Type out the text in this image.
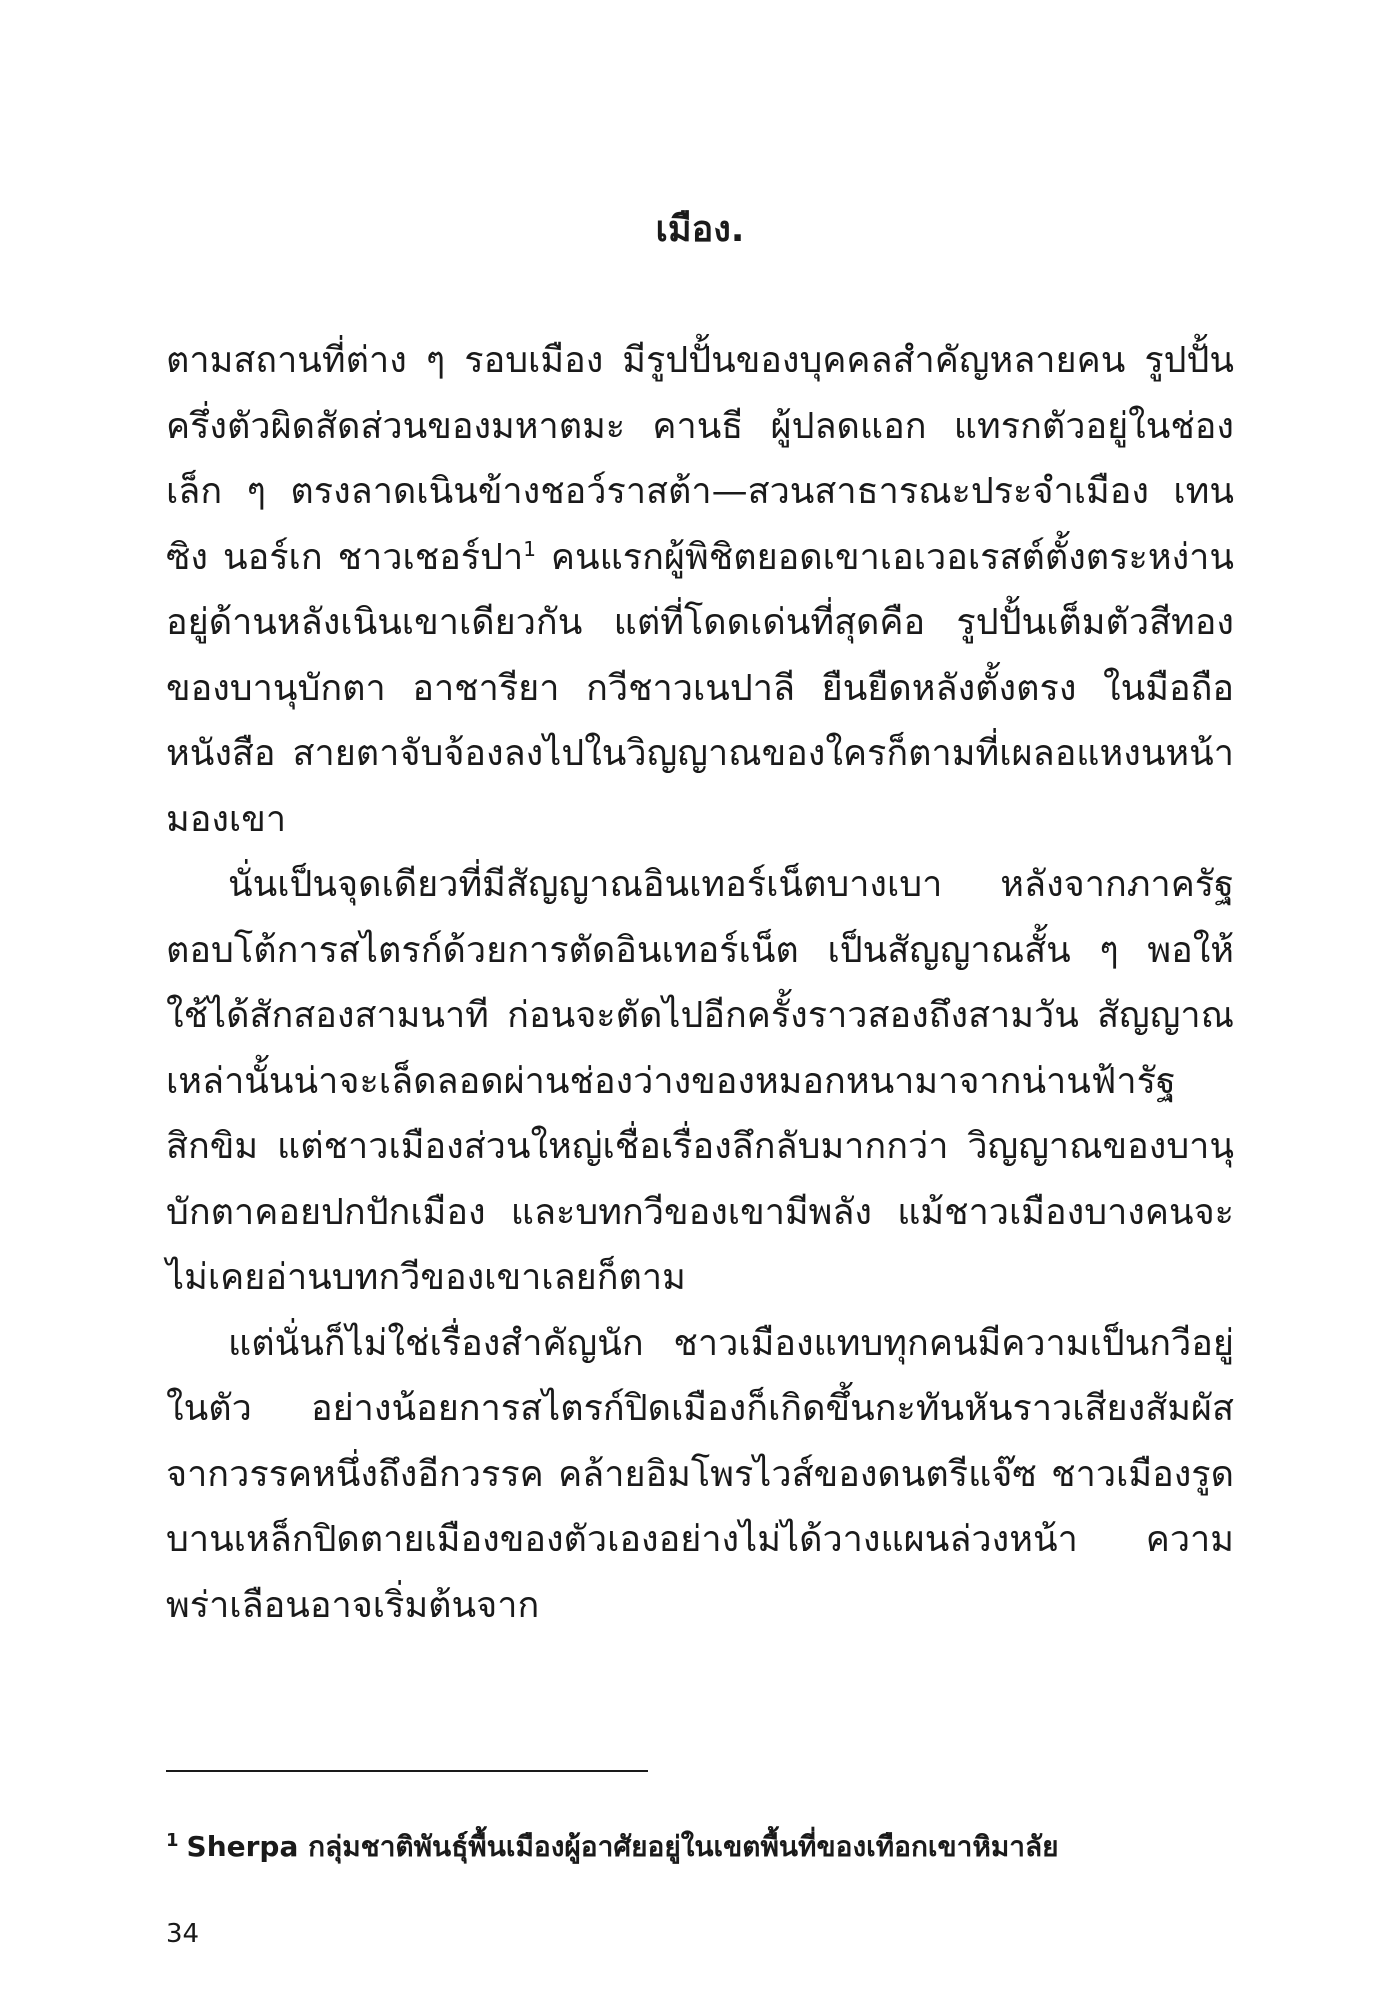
เมือง.

ตามสถานที่ต่าง ๆ รอบเมือง มีรูปปั้นของบุคคลสำคัญหลายคน รูปปั้นครึ่งตัวผิดสัดส่วนของมหาตมะ คานธี ผู้ปลดแอก แทรกตัวอยู่ในช่องเล็ก ๆ ตรงลาดเนินข้างชอว์ราสต้า—สวนสาธารณะประจำเมือง เทนซิง นอร์เก ชาวเชอร์ปา$^1$ คนแรกผู้พิชิตยอดเขาเอเวอเรสต์ตั้งตระหง่านอยู่ด้านหลังเนินเขาเดียวกัน แต่ที่โดดเด่นที่สุดคือ รูปปั้นเต็มตัวสีทองของบานุบักตา อาชารียา กวีชาวเนปาลี ยืนยืดหลังตั้งตรง ในมือถือหนังสือ สายตาจับจ้องลงไปในวิญญาณของใครก็ตามที่เผลอแหงนหน้ามองเขา

นั่นเป็นจุดเดียวที่มีสัญญาณอินเทอร์เน็ตบางเบา หลังจากภาครัฐตอบโต้การสไตรก์ด้วยการตัดอินเทอร์เน็ต เป็นสัญญาณสั้น ๆ พอให้ใช้ได้สักสองสามนาที ก่อนจะตัดไปอีกครั้งราวสองถึงสามวัน สัญญาณเหล่านั้นน่าจะเล็ดลอดผ่านช่องว่างของหมอกหนามาจากน่านฟ้ารัฐสิกขิม แต่ชาวเมืองส่วนใหญ่เชื่อเรื่องลึกลับมากกว่า วิญญาณของบานุบักตาคอยปกปักเมือง และบทกวีของเขามีพลัง แม้ชาวเมืองบางคนจะไม่เคยอ่านบทกวีของเขาเลยก็ตาม

แต่นั่นก็ไม่ใช่เรื่องสำคัญนัก ชาวเมืองแทบทุกคนมีความเป็นกวีอยู่ในตัว อย่างน้อยการสไตรก์ปิดเมืองก็เกิดขึ้นกะทันหันราวเสียงสัมผัสจากวรรคหนึ่งถึงอีกวรรค คล้ายอิมโพรไวส์ของดนตรีแจ๊ซ ชาวเมืองรูดบานเหล็กปิดตายเมืองของตัวเองอย่างไม่ได้วางแผนล่วงหน้า ความพร่าเลือนอาจเริ่มต้นจาก

$^1$ Sherpa กลุ่มชาติพันธุ์พื้นเมืองผู้อาศัยอยู่ในเขตพื้นที่ของเทือกเขาหิมาลัย
34
